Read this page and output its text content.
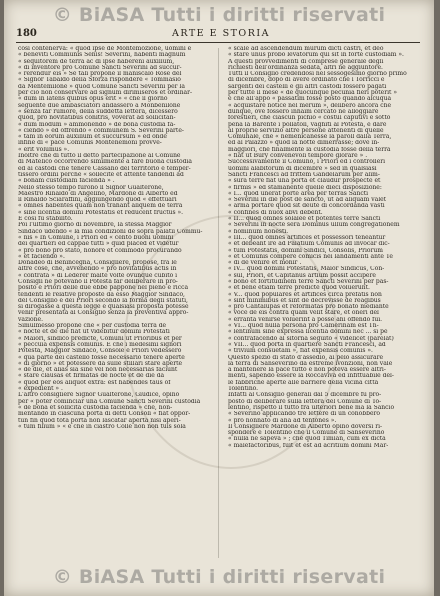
© BiASA Tutti i diritti riservati
180	ARTE E STORIA
così contenerva: « quod ipse de Montemozione, uomini e
« beneviti Communis Senis! Severini, habenti magnum
« sequitorem de terra ac di ipse habereni auxilium,
« di inventore pro Comune Sancti Severini ad succur-
« rerendur eis » Se tali propone il maniscalo Rose del
« Signor Tabaldo della Sforza rispondere « Tommasio
da Mentemilone » quod Comune Sancti Severini per la
per ciò non conservare ad signum dirimiseros et ordinar-
« dum in latens quibus opus erit » « che il giorno
seguente due ambasciatori andassero a Monbenilone
« senza far rumore, della suddetta lettera, dicessero
quod, pro novitatibus conitris, voverat ad sollicitan-
« dum modum » ammonendo » de bona custodia fa-
« ciendo » ed offrendo « communem S. Severini parte-
« tam in eorum auxilium et succursum » ed onde
infine di « pace Comunis Montenemoni provve-
« erit volumus ».
Inoltre che di tutto il detto partecipazione al Comune
di Matelico occorrendo similmente a fare buona custodia
ed ai castodi che tenere Cassano del territorio e temper-
tissero ordini perché « sollecite et attente tandendi ad
« bonam custodiam facienda » .
Nello stesso tempo furono il Signor Gualterone,
Maestro Rinaldo di Angelino, Mardone di Alberto ed
il Rinaldo Sciaraffini, aggiungendo quod « effettuari
« omnes habentes quam non trahant aliquem de terra
« sine licentia domini Potestatis et reducent fructus ».
E così fu stabilito.
Poi l'ultimo giorno di novembre, la stessa Maggior
Sindaco udendo « la mia condizioni de sopra palatii Commu-
« nis » In Comune, i Priori ed « cento buoni uomini
dei quartieri ed cappae tutti » quid placed et videtur
« pro bono pro stato, honore et commodo procurando
« et faciendo ».
Donadeo di Benincegna, Consigliere, propose, fra le
altre cose, che, avvenendo « pro novitatibus actis in
« contrata » di Lederer malte volte ovunque cubito i
Consigli ne potevano il Potestà far deliberare in pro-
posito e Priori delle due ebbe pappone nel pieno e ricca
tendenti le relative proposte da esso Maggior Sindaco,
del Consiglio e dei Priori secondo la forma degli statuti,
si dirogasse a questa legge e qualsiasi proposta potesse
venir presentata al Consiglio senza la preventiva appro-
vazione.
Simulmesso propone che « per custodia terra de
« nocte et de die fiat ut videbitur domini Potestati
« Maiori, sindico predicte, Comuni ut Prioribus et per
« peccuia expensis comunis. E che i medesimi signori
Potestà, Maggior Sindaco, Console e Priori vedessero
« qua parte dei castello fosse necessario tenere aperte
« di giorno » et potessere da sulle stillari stare aperte
« de die, et alias sia sine vel non necessarias faciunt
« stare clausas et firmatas de nocte et de die da
« quod per eos aliquot extra: est habendes taus of
« expedient » .
L'altro consigliere Signor Gualterone, Giudice, opinò
per « poter cominciar una Comune Sancti Severini custodia
« de bona et sollicita custodia facienda » che, non-
mentando in ciascuna porta di detti Consoli « fiat oppor-
tun fin quod tota porta non lascatar aperta nisi aperi-
« tum filium » « e che in ciastro Colle non non tuis sola
« scale ad ascendendum murum dicti castri, et deo
« stare unus probo levatorum qui sit in forte custodiam ».
A questi provvedimenti di comprese generale degli
richiesti dell'ordinanza sedata, altri ne aggiuntore.
Tutti il Consiglio credendosi nel sessogesimo giorno primo
di dicembre, dopo di avere ordinato che i Torricci e
sargenti dei castelli e gli altri castodi fossero pagati
per tutte il mese « de quocunque pecunia fieri poterit »
e che all'appo « passatim fosse posto quando alcuqua
« acquistare notice nel merum », deliberò ancora che
dunque, ove fossero inhaim cercato ne alloggiare
forestieri, che ciascun pichio « costui caputivi e sotto
pena la Barente i pollatoli, vaghiti al Potestà, e dare
al proprie servizio altre persone attenenti di quelle
Comunale, che « nemenicanesse la paroll dalla Terra,
ed al Palazzo » quod la notte dimerrasse; dove in-
maggiori, che finalmente la custodia fosse della terra
« fiat ut Bury convenevoli tempore glorare » .
Successivamente il Comuno, i Priori ed i controlleri
uomini alabitorum di dicembre » sed in qualsiasi
Sancti Francesci ad frittem Gandelarum per alim-
« sura terre fiat una porta et claudur prospecte et
« firmis » ed stamanente quelle dieci disposizione:
« I... quod unerat porte area per terras Sancti
« Severini in die post de sancto, ut ad aliquam valet
« arma portare quod sit deute di concordanda vasti
« confines di nuox abvi debent.
« II... quod omnes solalee et potentes terre Sancti
« Severini in nocte sera Dominus ullum congregationem
« hominum honesti.
« III... quod omnes artifices et possessori teneantur
« et debeant ire ad Palatium Comunis ad invocar dic-
« tum Potestatis, domini Sindici, Consolis, Priorum
« et Comunis compere comicis nei landamenti ante Te
« di de venire et monir .
« IV... quod domini Potestatis, Maior Sindicus, Con-
« sul, Priori, et Capitanus artium possit accipere
« bono et fortitudinem terre Sancti Severini per pas-
« et bene etiam terre predicte quod voluerunt.
« V... quod populares et artifices circa prefatis non
« sint minimibus et sint de decrevisse de reagibus
« pro Cantalupas et reformatas pro bonato mediante
« voce de eis contra quam velit stare, et oneri del
« erranta venirse voluerint a posse ahi offendo fui.
« VI... quod nulla persona pro Camerinam est Th-
« lentinum sine expressa licentia domini nec ... si pe
« contrafacendo al sitorna seguito « videlicet (parelat)
« VII... quod porta in quartiere Sancti Francesci, ad
« trivium consuetam », fiat expensis comunis ».
Questo spezio di stato d'assedio, ai pelo assicurare
la terra di Sanseverino da estreme ivonzioni, non vale
a mantenere la pace tutto e non poteva essere altri-
menti, sapendo essere la Roccaviva ed infittuabile del-
le fabbriche aperte alle barriere della vicina città
Tolentino.
Infatti al Consiglio generali dal 5 dicembre fu pro-
posto di deliberare sulla lettera del Comune di To-
lentino, rispetto il tutto fra ulteriori bene ma la Sancio
« Severino applicandò tre lettere di un conobbero
« pro nonnato di ana ad tentones ».
Il Consigliere Mardone di Alberto opinò doversi ri-
spondere e Tolentino che il Comune di Sanseverino
« nulla ne sapeva » ; che quod Timian, cum ex dicta
« malefactoribus, fuit et est ad acritium domini Mar-
© BiASA Tutti i diritti riservati
